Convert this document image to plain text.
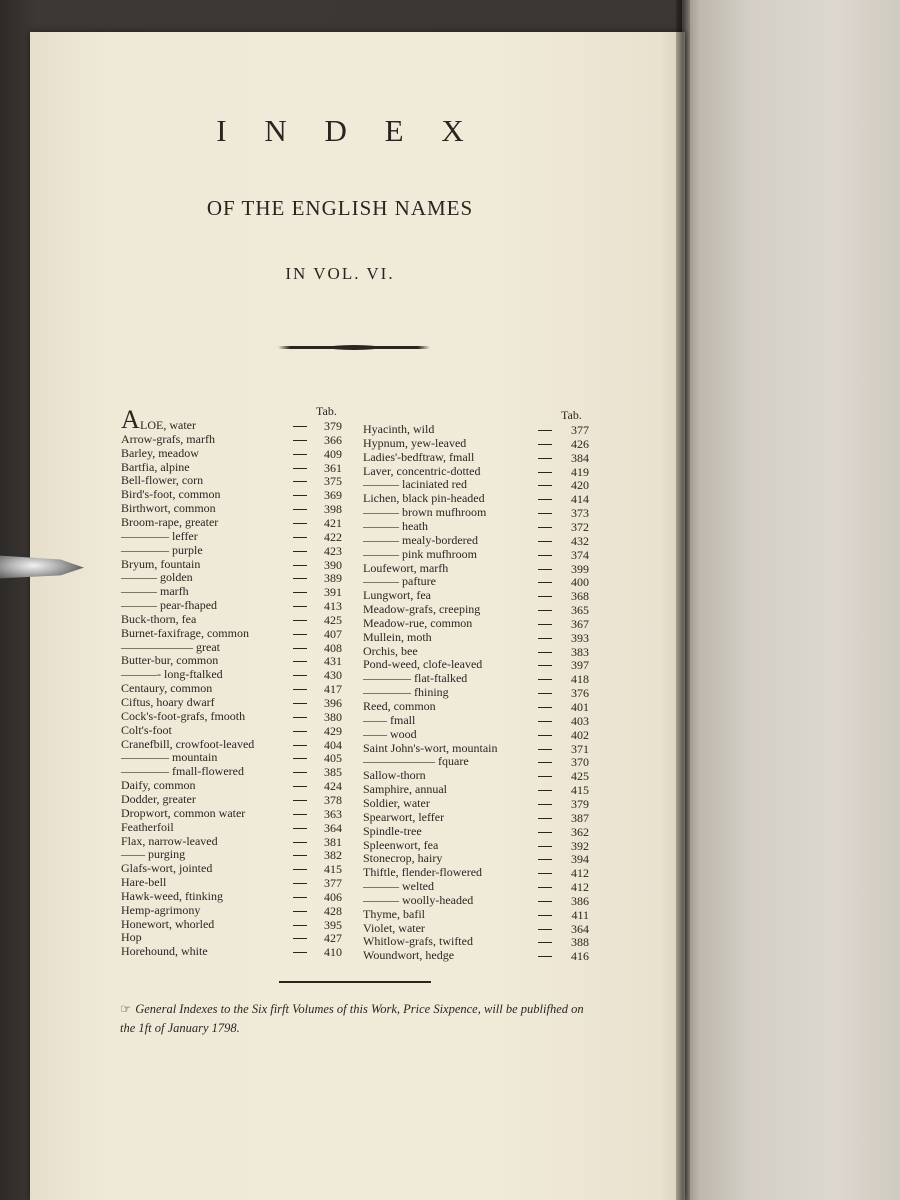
I N D E X
OF THE ENGLISH NAMES
IN VOL. VI.
Tab.	Tab.
A LOE, water	379
Arrow-grafs, marfh	366
Barley, meadow	409
Bartfia, alpine	361
Bell-flower, corn	375
Bird's-foot, common	369
Birthwort, common	398
Broom-rape, greater	421
———— leffer	422
———— purple	423
Bryum, fountain	390
——— golden	389
——— marfh	391
——— pear-fhaped	413
Buck-thorn, fea	425
Burnet-faxifrage, common	407
—————— great	408
Butter-bur, common	431
———- long-ftalked	430
Centaury, common	417
Ciftus, hoary dwarf	396
Cock's-foot-grafs, fmooth	380
Colt's-foot	429
Cranefbill, crowfoot-leaved	404
———— mountain	405
———— fmall-flowered	385
Daify, common	424
Dodder, greater	378
Dropwort, common water	363
Featherfoil	364
Flax, narrow-leaved	381
—— purging	382
Glafs-wort, jointed	415
Hare-bell	377
Hawk-weed, ftinking	406
Hemp-agrimony	428
Honewort, whorled	395
Hop	427
Horehound, white	410
Hyacinth, wild	377
Hypnum, yew-leaved	426
Ladies'-bedftraw, fmall	384
Laver, concentric-dotted	419
——— laciniated red	420
Lichen, black pin-headed	414
——— brown mufhroom	373
——— heath	372
——— mealy-bordered	432
——— pink mufhroom	374
Loufewort, marfh	399
——— pafture	400
Lungwort, fea	368
Meadow-grafs, creeping	365
Meadow-rue, common	367
Mullein, moth	393
Orchis, bee	383
Pond-weed, clofe-leaved	397
———— flat-ftalked	418
———— fhining	376
Reed, common	401
—— fmall	403
—— wood	402
Saint John's-wort, mountain	371
—————— fquare	370
Sallow-thorn	425
Samphire, annual	415
Soldier, water	379
Spearwort, leffer	387
Spindle-tree	362
Spleenwort, fea	392
Stonecrop, hairy	394
Thiftle, flender-flowered	412
——— welted	412
——— woolly-headed	386
Thyme, bafil	411
Violet, water	364
Whitlow-grafs, twifted	388
Woundwort, hedge	416
☞ General Indexes to the Six firft Volumes of this Work, Price Sixpence, will be publifhed on the 1ft of January 1798.
